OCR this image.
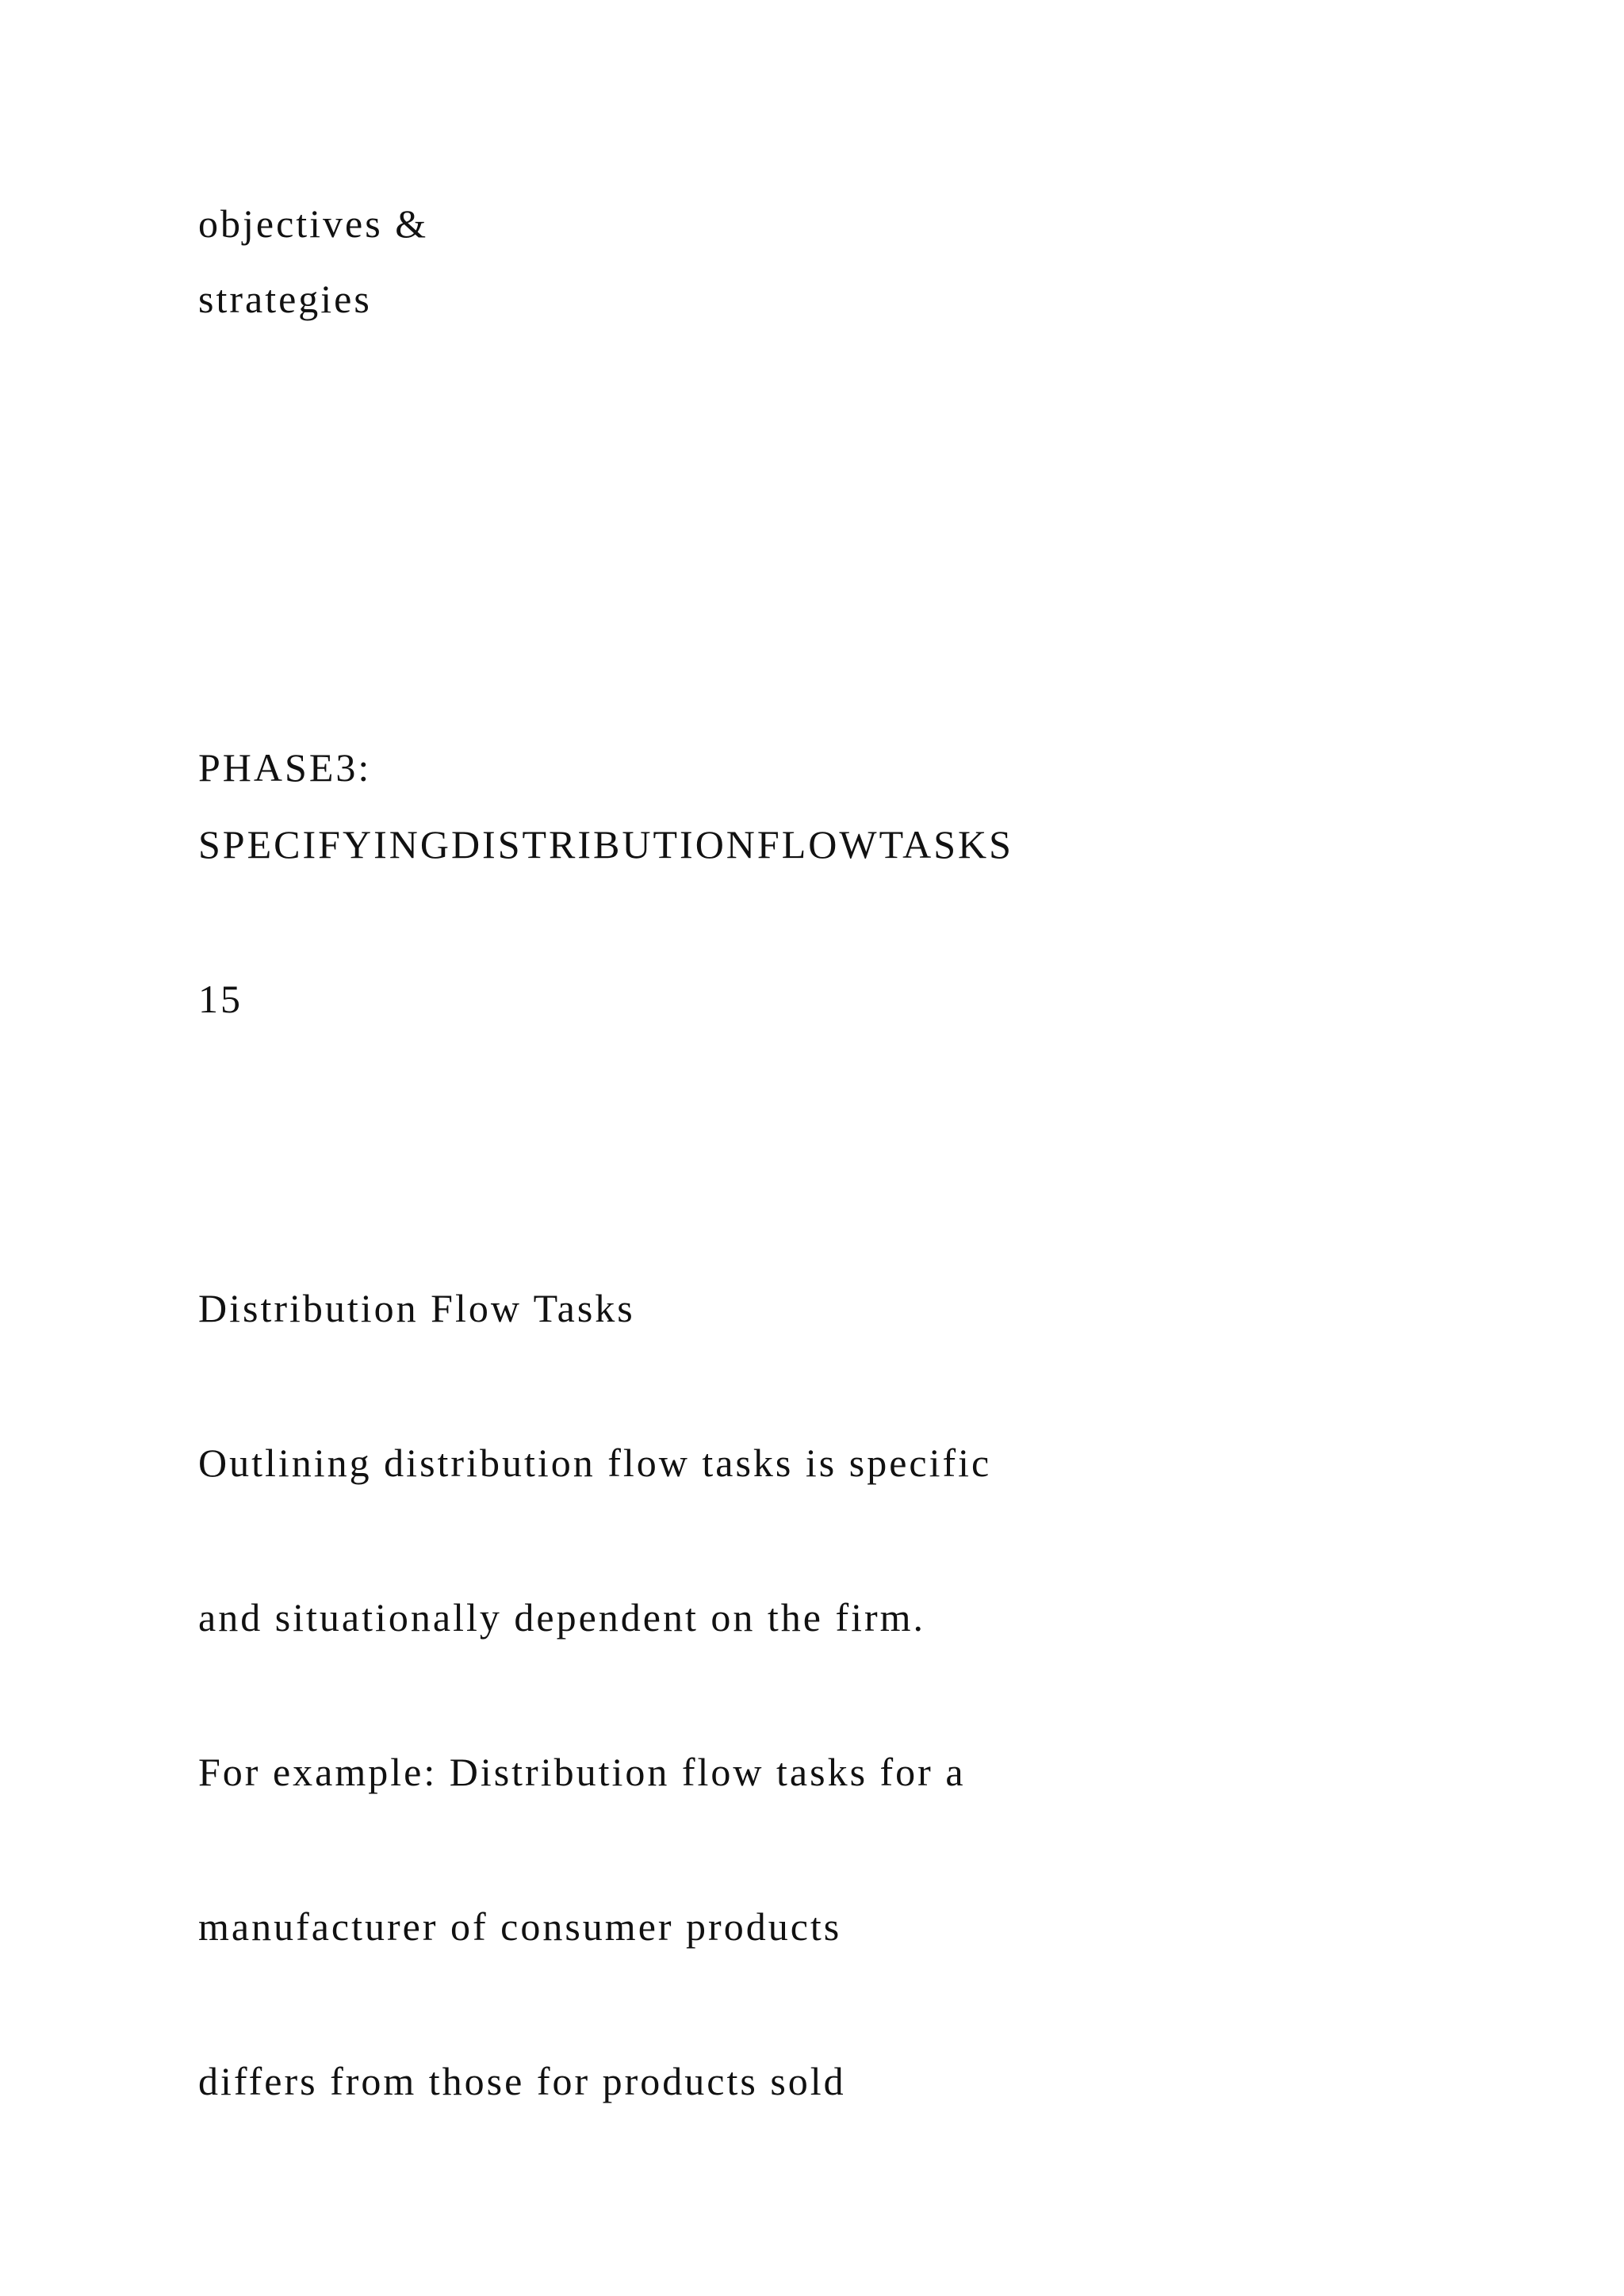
objectives &

strategies

PHASE3:

SPECIFYINGDISTRIBUTIONFLOWTASKS

15

Distribution Flow Tasks

Outlining distribution flow tasks is specific

and situationally dependent on the firm.

For example: Distribution flow tasks for a

manufacturer of consumer products

differs from those for products sold
